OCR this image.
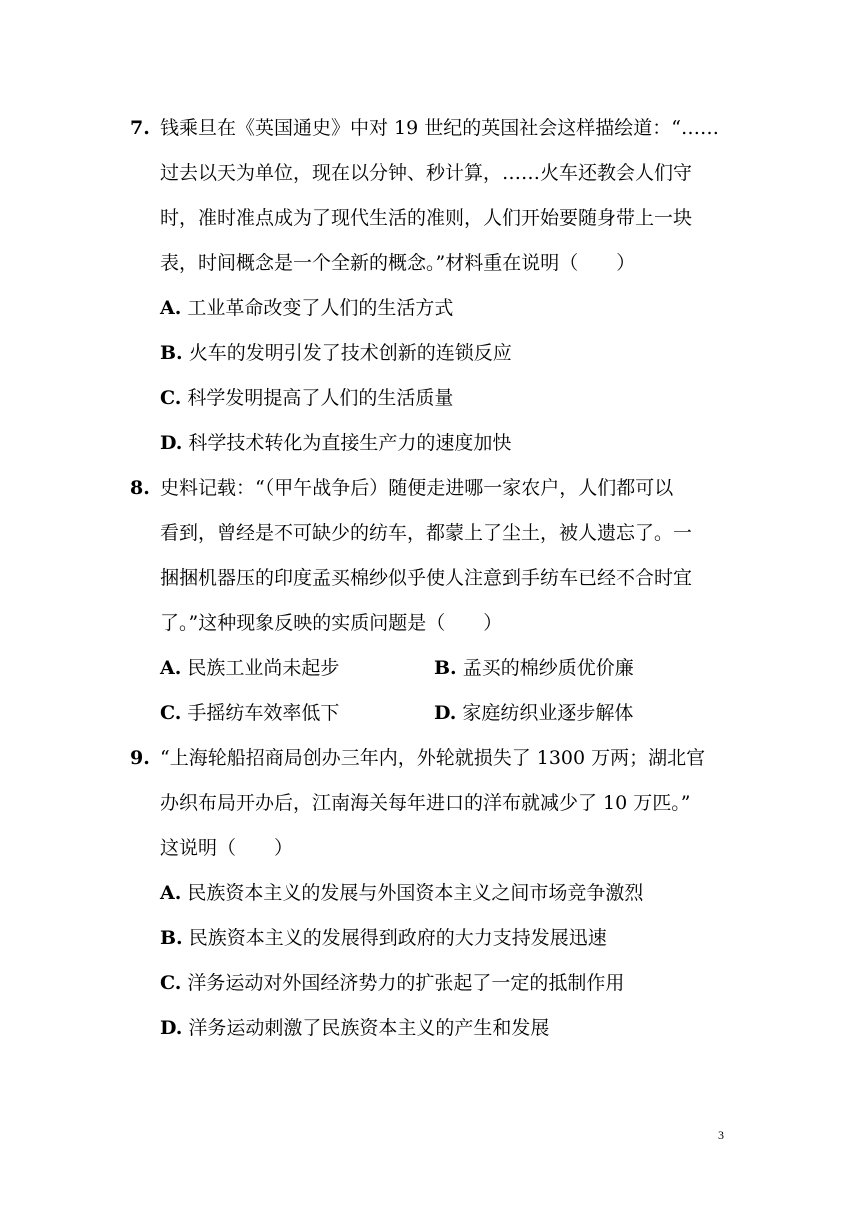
7. 钱乘旦在《英国通史》中对 19 世纪的英国社会这样描绘道：“……
过去以天为单位，现在以分钟、秒计算，……火车还教会人们守
时，准时准点成为了现代生活的准则，人们开始要随身带上一块
表，时间概念是一个全新的概念。”材料重在说明（　　）
A. 工业革命改变了人们的生活方式
B. 火车的发明引发了技术创新的连锁反应
C. 科学发明提高了人们的生活质量
D. 科学技术转化为直接生产力的速度加快
8. 史料记载：“（甲午战争后）随便走进哪一家农户，人们都可以
看到，曾经是不可缺少的纺车，都蒙上了尘土，被人遗忘了。一
捆捆机器压的印度孟买棉纱似乎使人注意到手纺车已经不合时宜
了。”这种现象反映的实质问题是（　　）
A. 民族工业尚未起步	B. 孟买的棉纱质优价廉
C. 手摇纺车效率低下	D. 家庭纺织业逐步解体
9. “上海轮船招商局创办三年内，外轮就损失了 1300 万两；湖北官
办织布局开办后，江南海关每年进口的洋布就减少了 10 万匹。”
这说明（　　）
A. 民族资本主义的发展与外国资本主义之间市场竞争激烈
B. 民族资本主义的发展得到政府的大力支持发展迅速
C. 洋务运动对外国经济势力的扩张起了一定的抵制作用
D. 洋务运动刺激了民族资本主义的产生和发展
3
